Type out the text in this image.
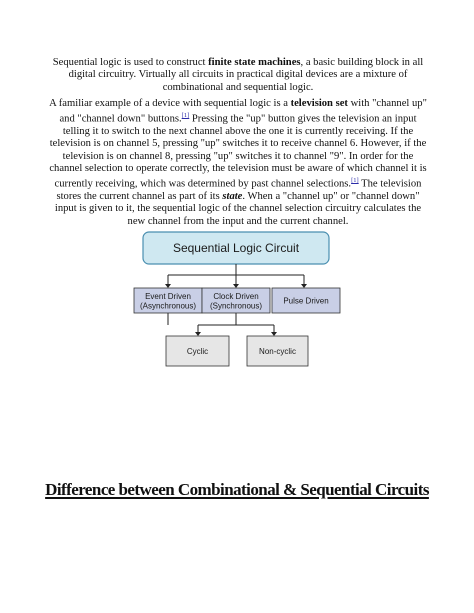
Sequential logic is used to construct finite state machines, a basic building block in all digital circuitry. Virtually all circuits in practical digital devices are a mixture of combinational and sequential logic.

A familiar example of a device with sequential logic is a television set with "channel up" and "channel down" buttons.[1] Pressing the "up" button gives the television an input telling it to switch to the next channel above the one it is currently receiving. If the television is on channel 5, pressing "up" switches it to receive channel 6. However, if the television is on channel 8, pressing "up" switches it to channel "9". In order for the channel selection to operate correctly, the television must be aware of which channel it is currently receiving, which was determined by past channel selections.[1] The television stores the current channel as part of its state. When a "channel up" or "channel down" input is given to it, the sequential logic of the channel selection circuitry calculates the new channel from the input and the current channel.

Sequential Logic Circuit
Event Driven
(Asynchronous)
Clock Driven
(Synchronous)
Pulse Driven
Cyclic	Non-cyclic
Difference between Combinational & Sequential Circuits
